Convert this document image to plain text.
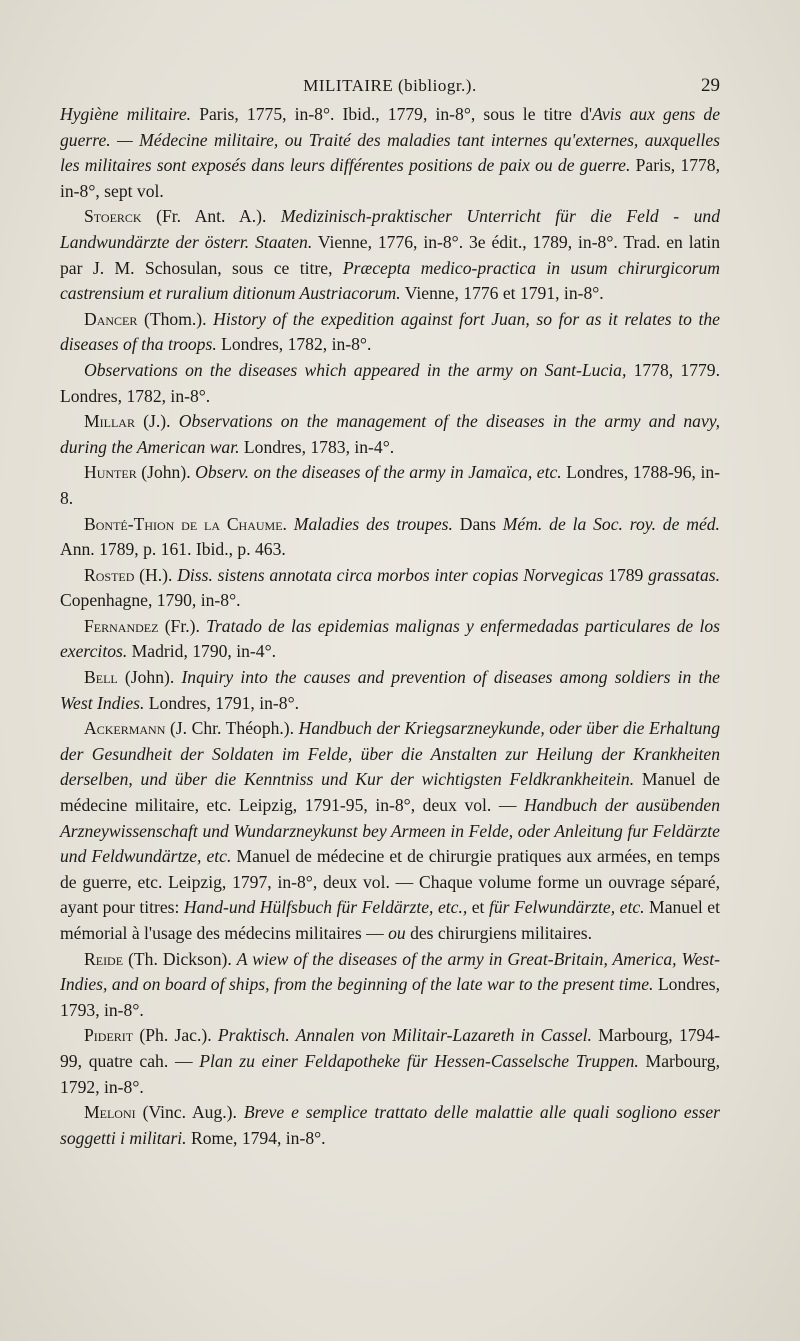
MILITAIRE (bibliogr.).	29

Hygiène militaire. Paris, 1775, in-8°. Ibid., 1779, in-8°, sous le titre d'Avis aux gens de guerre. — Médecine militaire, ou Traité des maladies tant internes qu'externes, auxquelles les militaires sont exposés dans leurs différentes positions de paix ou de guerre. Paris, 1778, in-8°, sept vol.

Stoerck (Fr. Ant. A.). Medizinisch-praktischer Unterricht für die Feld - und Landwundärzte der österr. Staaten. Vienne, 1776, in-8°. 3e édit., 1789, in-8°. Trad. en latin par J. M. Schosulan, sous ce titre, Præcepta medico-practica in usum chirurgicorum castrensium et ruralium ditionum Austriacorum. Vienne, 1776 et 1791, in-8°.

Dancer (Thom.). History of the expedition against fort Juan, so for as it relates to the diseases of tha troops. Londres, 1782, in-8°.

Observations on the diseases which appeared in the army on Sant-Lucia, 1778, 1779. Londres, 1782, in-8°.

Millar (J.). Observations on the management of the diseases in the army and navy, during the American war. Londres, 1783, in-4°.

Hunter (John). Observ. on the diseases of the army in Jamaïca, etc. Londres, 1788-96, in-8.

Bonté-Thion de la Chaume. Maladies des troupes. Dans Mém. de la Soc. roy. de méd. Ann. 1789, p. 161. Ibid., p. 463.

Rosted (H.). Diss. sistens annotata circa morbos inter copias Norvegicas 1789 grassatas. Copenhagne, 1790, in-8°.

Fernandez (Fr.). Tratado de las epidemias malignas y enfermedadas particulares de los exercitos. Madrid, 1790, in-4°.

Bell (John). Inquiry into the causes and prevention of diseases among soldiers in the West Indies. Londres, 1791, in-8°.

Ackermann (J. Chr. Théoph.). Handbuch der Kriegsarzneykunde, oder über die Erhaltung der Gesundheit der Soldaten im Felde, über die Anstalten zur Heilung der Krankheiten derselben, und über die Kenntniss und Kur der wichtigsten Feldkrankheitein. Manuel de médecine militaire, etc. Leipzig, 1791-95, in-8°, deux vol. — Handbuch der ausübenden Arzneywissenschaft und Wundarzneykunst bey Armeen in Felde, oder Anleitung fur Feldärzte und Feldwundärtze, etc. Manuel de médecine et de chirurgie pratiques aux armées, en temps de guerre, etc. Leipzig, 1797, in-8°, deux vol. — Chaque volume forme un ouvrage séparé, ayant pour titres: Hand-und Hülfsbuch für Feldärzte, etc., et für Felwundärzte, etc. Manuel et mémorial à l'usage des médecins militaires — ou des chirurgiens militaires.

Reide (Th. Dickson). A wiew of the diseases of the army in Great-Britain, America, West-Indies, and on board of ships, from the beginning of the late war to the present time. Londres, 1793, in-8°.

Piderit (Ph. Jac.). Praktisch. Annalen von Militair-Lazareth in Cassel. Marbourg, 1794-99, quatre cah. — Plan zu einer Feldapotheke für Hessen-Casselsche Truppen. Marbourg, 1792, in-8°.

Meloni (Vinc. Aug.). Breve e semplice trattato delle malattie alle quali sogliono esser soggetti i militari. Rome, 1794, in-8°.
